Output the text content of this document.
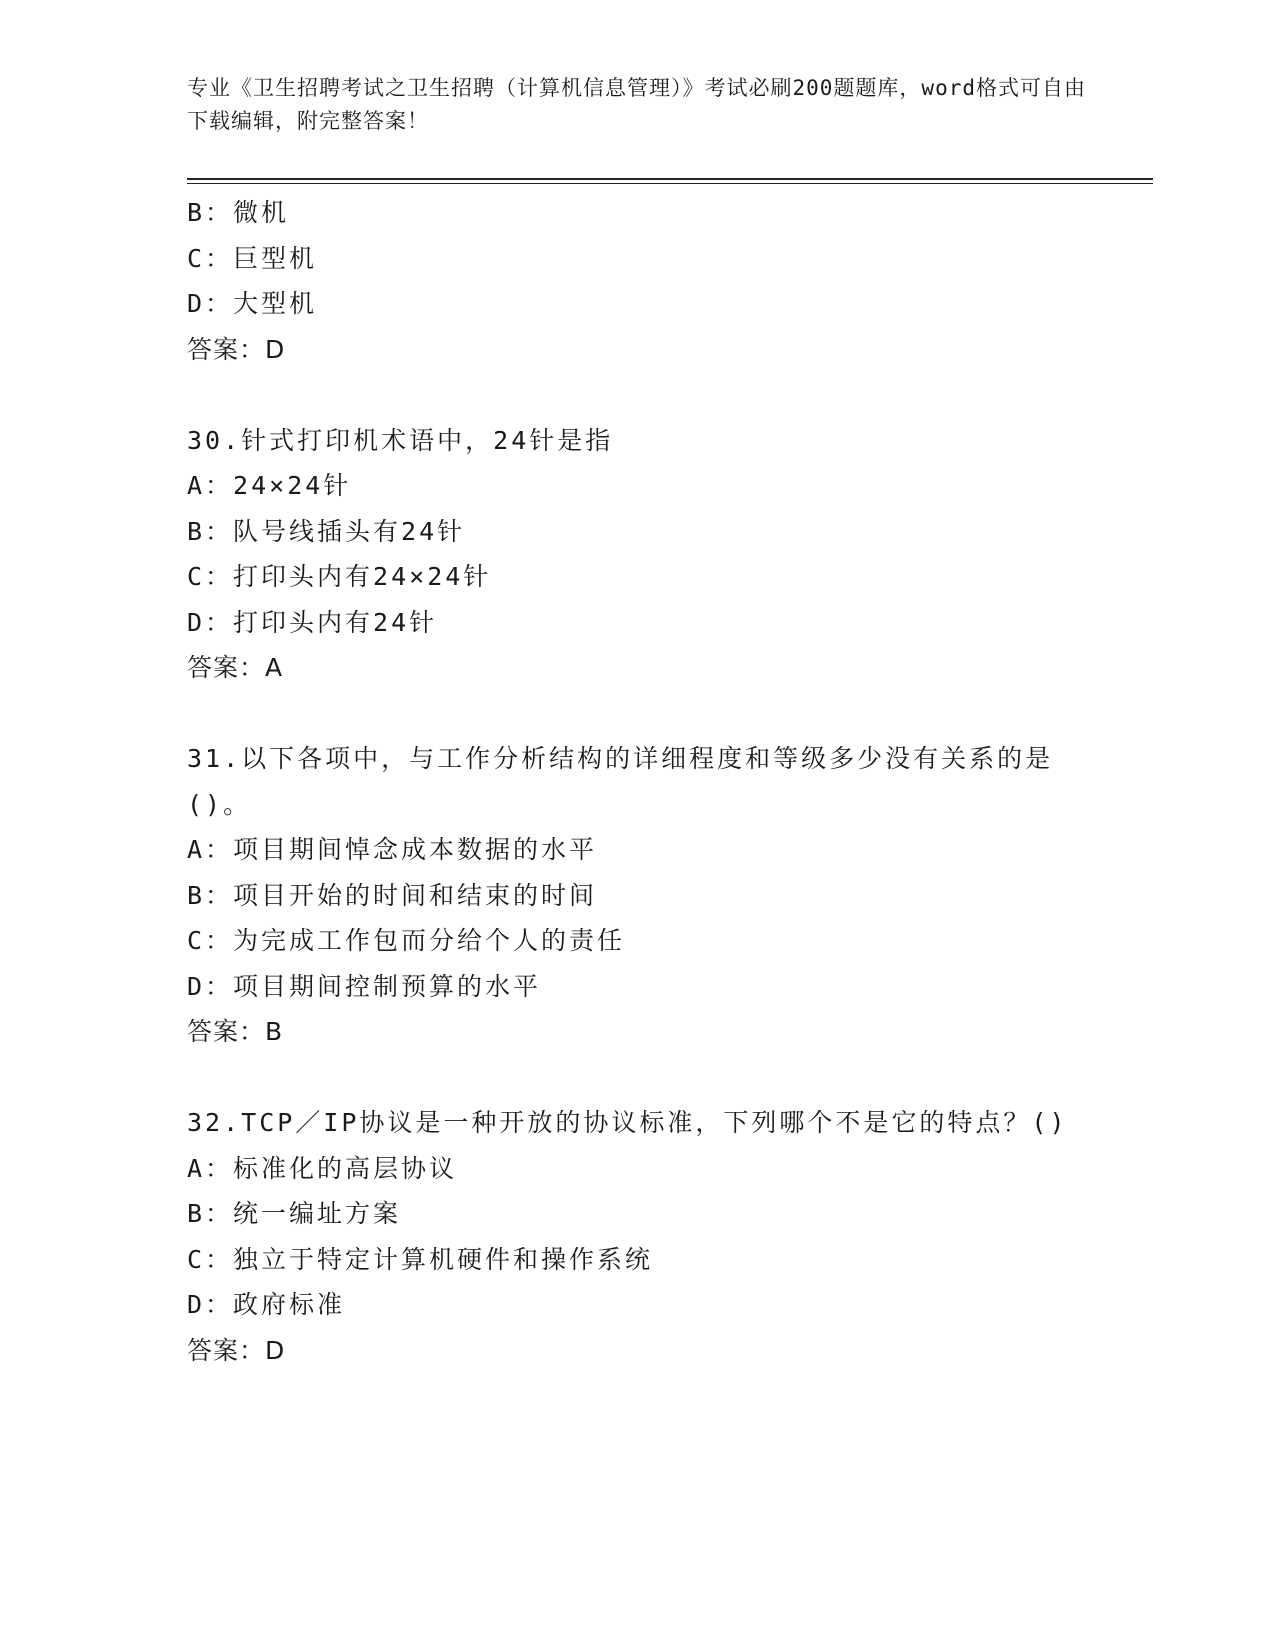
专业《卫生招聘考试之卫生招聘（计算机信息管理）》考试必刷200题题库，word格式可自由下载编辑，附完整答案！
B：微机
C：巨型机
D：大型机
答案：D
30.针式打印机术语中，24针是指
A：24×24针
B：队号线插头有24针
C：打印头内有24×24针
D：打印头内有24针
答案：A
31.以下各项中，与工作分析结构的详细程度和等级多少没有关系的是()。
A：项目期间悼念成本数据的水平
B：项目开始的时间和结束的时间
C：为完成工作包而分给个人的责任
D：项目期间控制预算的水平
答案：B
32.TCP／IP协议是一种开放的协议标准，下列哪个不是它的特点？()
A：标准化的高层协议
B：统一编址方案
C：独立于特定计算机硬件和操作系统
D：政府标准
答案：D
